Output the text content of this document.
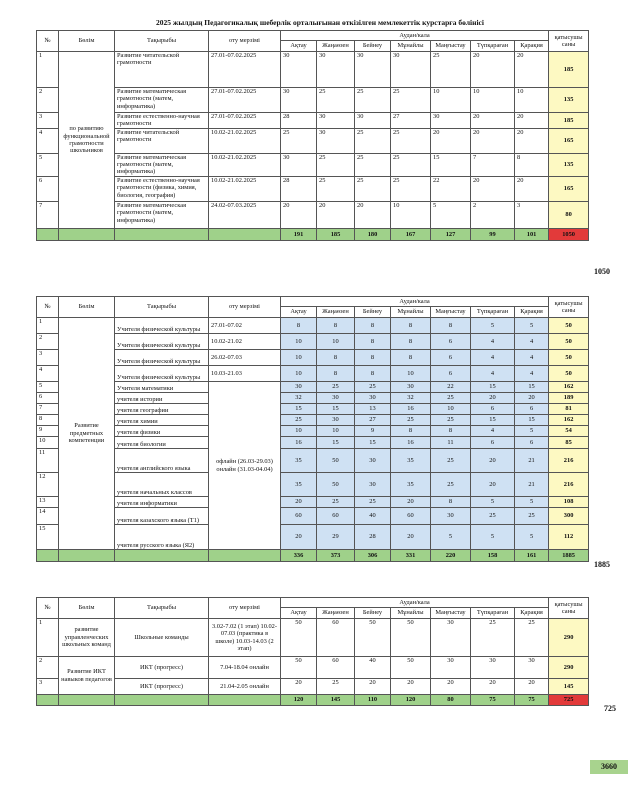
2025 жылдың Педагогикалық шеберлік орталығынан өткізілген мемлекеттік курстарға бөлінісі
№	Бөлім	Тақырыбы	оту мерзімі	Аудан/кала							қатысушы саны
				Ақтау	Жаңаөзен	Бейнеу	Мұнайлы	Маңғыстау	Түпқараған	Қарақия	
1	по развитию функциональной грамотности школьников	Развитие читательской грамотности	27.01-07.02.2025	30	30	30	30	25	20	20	185
2		Развитие математическая грамотности (матем, информатика)	27.01-07.02.2025	30	25	25	25	10	10	10	135
3		Развитие естественно-научная грамотности	27.01-07.02.2025	28	30	30	27	30	20	20	185
4		Развитие читательской грамотности	10.02-21.02.2025	25	30	25	25	20	20	20	165
5		Развитие математическая грамотности (матем, информатика)	10.02-21.02.2025	30	25	25	25	15	7	8	135
6		Развитие естественно-научная грамотности (физика, химия, биология, география)	10.02-21.02.2025	28	25	25	25	22	20	20	165
7		Развитие математическая грамотности (матем, информатика)	24.02-07.03.2025	20	20	20	10	5	2	3	80
				191	185	180	167	127	99	101	1050
1050
№	Бөлім	Тақырыбы	оту мерзімі	Аудан/кала							қатысушы саны
				Ақтау	Жаңаөзен	Бейнеу	Мұнайлы	Маңғыстау	Түпқараған	Қарақия	
1	Развитие предметных компетенции	Учителя физической культуры	27.01-07.02	8	8	8	8	8	5	5	50
2		Учителя физической культуры	10.02-21.02	10	10	8	8	6	4	4	50
3		Учителя физической культуры	26.02-07.03	10	8	8	8	6	4	4	50
4		Учителя физической культуры	10.03-21.03	10	8	8	10	6	4	4	50
5		Учителя математики	офлайн (26.03-29.03) онлайн (31.03-04.04)	30	25	25	30	22	15	15	162
6		учителя истории		32	30	30	32	25	20	20	189
7		учителя географии		15	15	13	16	10	6	6	81
8		учителя химии		25	30	27	25	25	15	15	162
9		учителя физики		10	10	9	8	8	4	5	54
10		учителя биологии		16	15	15	16	11	6	6	85
11		учителя английского языка		35	50	30	35	25	20	21	216
12		учителя начальных классов		35	50	30	35	25	20	21	216
13		учителя информатики		20	25	25	20	8	5	5	108
14		учителя казахского языка (Т1)		60	60	40	60	30	25	25	300
15		учителя русского языка (Я2)		20	29	28	20	5	5	5	112
				336	373	306	331	220	158	161	1885
1885
№	Бөлім	Тақырыбы	оту мерзімі	Аудан/кала							қатысушы саны
				Ақтау	Жаңаөзен	Бейнеу	Мұнайлы	Маңғыстау	Түпқараған	Қарақия	
1	развитие управленческих школьных команд	Школьные команды	3.02-7.02 (1 этап) 10.02-07.03 (практика в школе) 10.03-14.03 (2 этап)	50	60	50	50	30	25	25	290
2	Развитие ИКТ навыков педагогов	ИКТ (прогресс)	7.04-18.04 онлайн	50	60	40	50	30	30	30	290
3		ИКТ (прогресс)	21.04-2.05 онлайн	20	25	20	20	20	20	20	145
				120	145	110	120	80	75	75	725
725
3660
